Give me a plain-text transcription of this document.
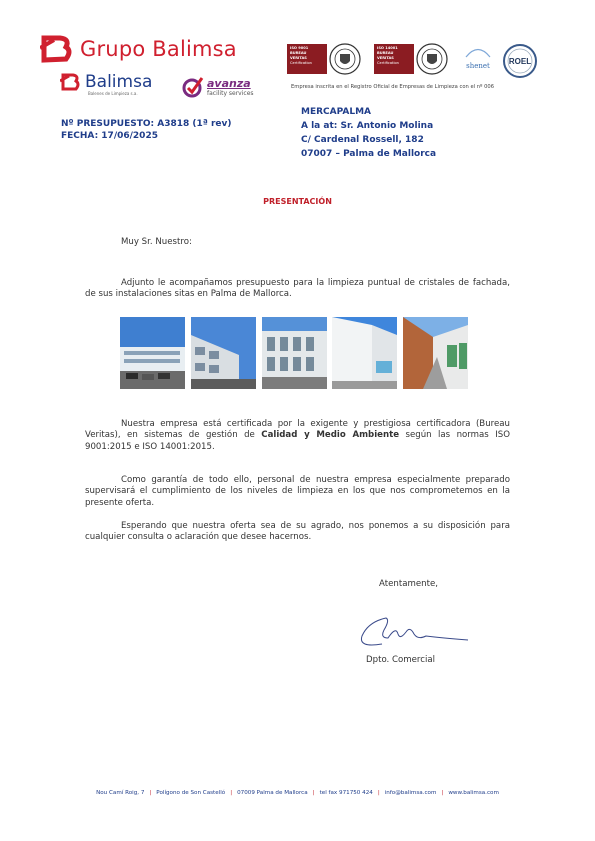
Grupo Balimsa
Balimsa
Balenes de Limpieza s.a.
avanza
facility services
ISO 9001
BUREAU VERITAS
Certification
ISO 14001
BUREAU VERITAS
Certification	shenet	ROEL
Empresa inscrita en el Registro Oficial de Empresas de Limpieza con el nº 006
Nº PRESUPUESTO: A3818 (1ª rev)
FECHA: 17/06/2025
MERCAPALMA
A la at: Sr. Antonio Molina
C/ Cardenal Rossell, 182
07007 – Palma de Mallorca
PRESENTACIÓN
Muy Sr. Nuestro:
Adjunto le acompañamos presupuesto para la limpieza puntual de cristales de fachada, de sus instalaciones sitas en Palma de Mallorca.
Nuestra empresa está certificada por la exigente y prestigiosa certificadora (Bureau Veritas), en sistemas de gestión de Calidad y Medio Ambiente según las normas ISO 9001:2015 e ISO 14001:2015.
Como garantía de todo ello, personal de nuestra empresa especialmente preparado supervisará el cumplimiento de los niveles de limpieza en los que nos comprometemos en la presente oferta.
Esperando que nuestra oferta sea de su agrado, nos ponemos a su disposición para cualquier consulta o aclaración que desee hacernos.
Atentamente,
Dpto. Comercial
Nou Camí Roig, 7 | Polígono de Son Castelló | 07009 Palma de Mallorca | tel fax 971750 424 | info@balimsa.com | www.balimsa.com
